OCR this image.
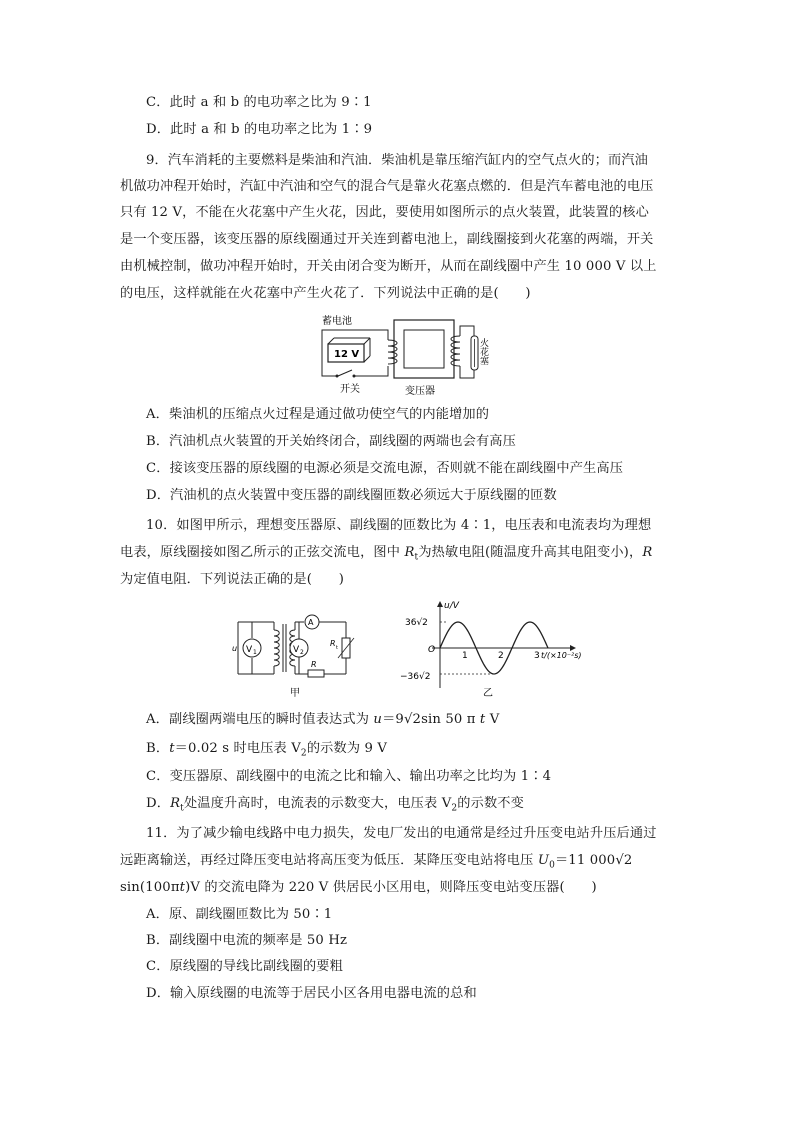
C．此时 a 和 b 的电功率之比为 9∶1
D．此时 a 和 b 的电功率之比为 1∶9
9．汽车消耗的主要燃料是柴油和汽油．柴油机是靠压缩汽缸内的空气点火的；而汽油
机做功冲程开始时，汽缸中汽油和空气的混合气是靠火花塞点燃的．但是汽车蓄电池的电压
只有 12 V，不能在火花塞中产生火花，因此，要使用如图所示的点火装置，此装置的核心
是一个变压器，该变压器的原线圈通过开关连到蓄电池上，副线圈接到火花塞的两端，开关
由机械控制，做功冲程开始时，开关由闭合变为断开，从而在副线圈中产生 10 000 V 以上
的电压，这样就能在火花塞中产生火花了．下列说法中正确的是(　　)
蓄电池
12 V
开关	变压器
火花塞
A．柴油机的压缩点火过程是通过做功使空气的内能增加的
B．汽油机点火装置的开关始终闭合，副线圈的两端也会有高压
C．接该变压器的原线圈的电源必须是交流电源，否则就不能在副线圈中产生高压
D．汽油机的点火装置中变压器的副线圈匝数必须远大于原线圈的匝数
10．如图甲所示，理想变压器原、副线圈的匝数比为 4∶1，电压表和电流表均为理想
电表，原线圈接如图乙所示的正弦交流电，图中 $R_t$为热敏电阻(随温度升高其电阻变小)，R
为定值电阻．下列说法正确的是(　　)
u V 1
A
R
R t
V 2
甲
u/V
36√2
−36√2
O
1	2	3 t/(×10⁻²s)
乙
A．副线圈两端电压的瞬时值表达式为 u＝9√2sin 50 π t V
B．t＝0.02 s 时电压表 $V_2$的示数为 9 V
C．变压器原、副线圈中的电流之比和输入、输出功率之比均为 1∶4
D．$R_t$处温度升高时，电流表的示数变大，电压表 $V_2$的示数不变
11．为了减少输电线路中电力损失，发电厂发出的电通常是经过升压变电站升压后通过
远距离输送，再经过降压变电站将高压变为低压．某降压变电站将电压 $U_0=11$ 000√2
sin(100πt)V 的交流电降为 220 V 供居民小区用电，则降压变电站变压器(　　)
A．原、副线圈匝数比为 50∶1
B．副线圈中电流的频率是 50 Hz
C．原线圈的导线比副线圈的要粗
D．输入原线圈的电流等于居民小区各用电器电流的总和
